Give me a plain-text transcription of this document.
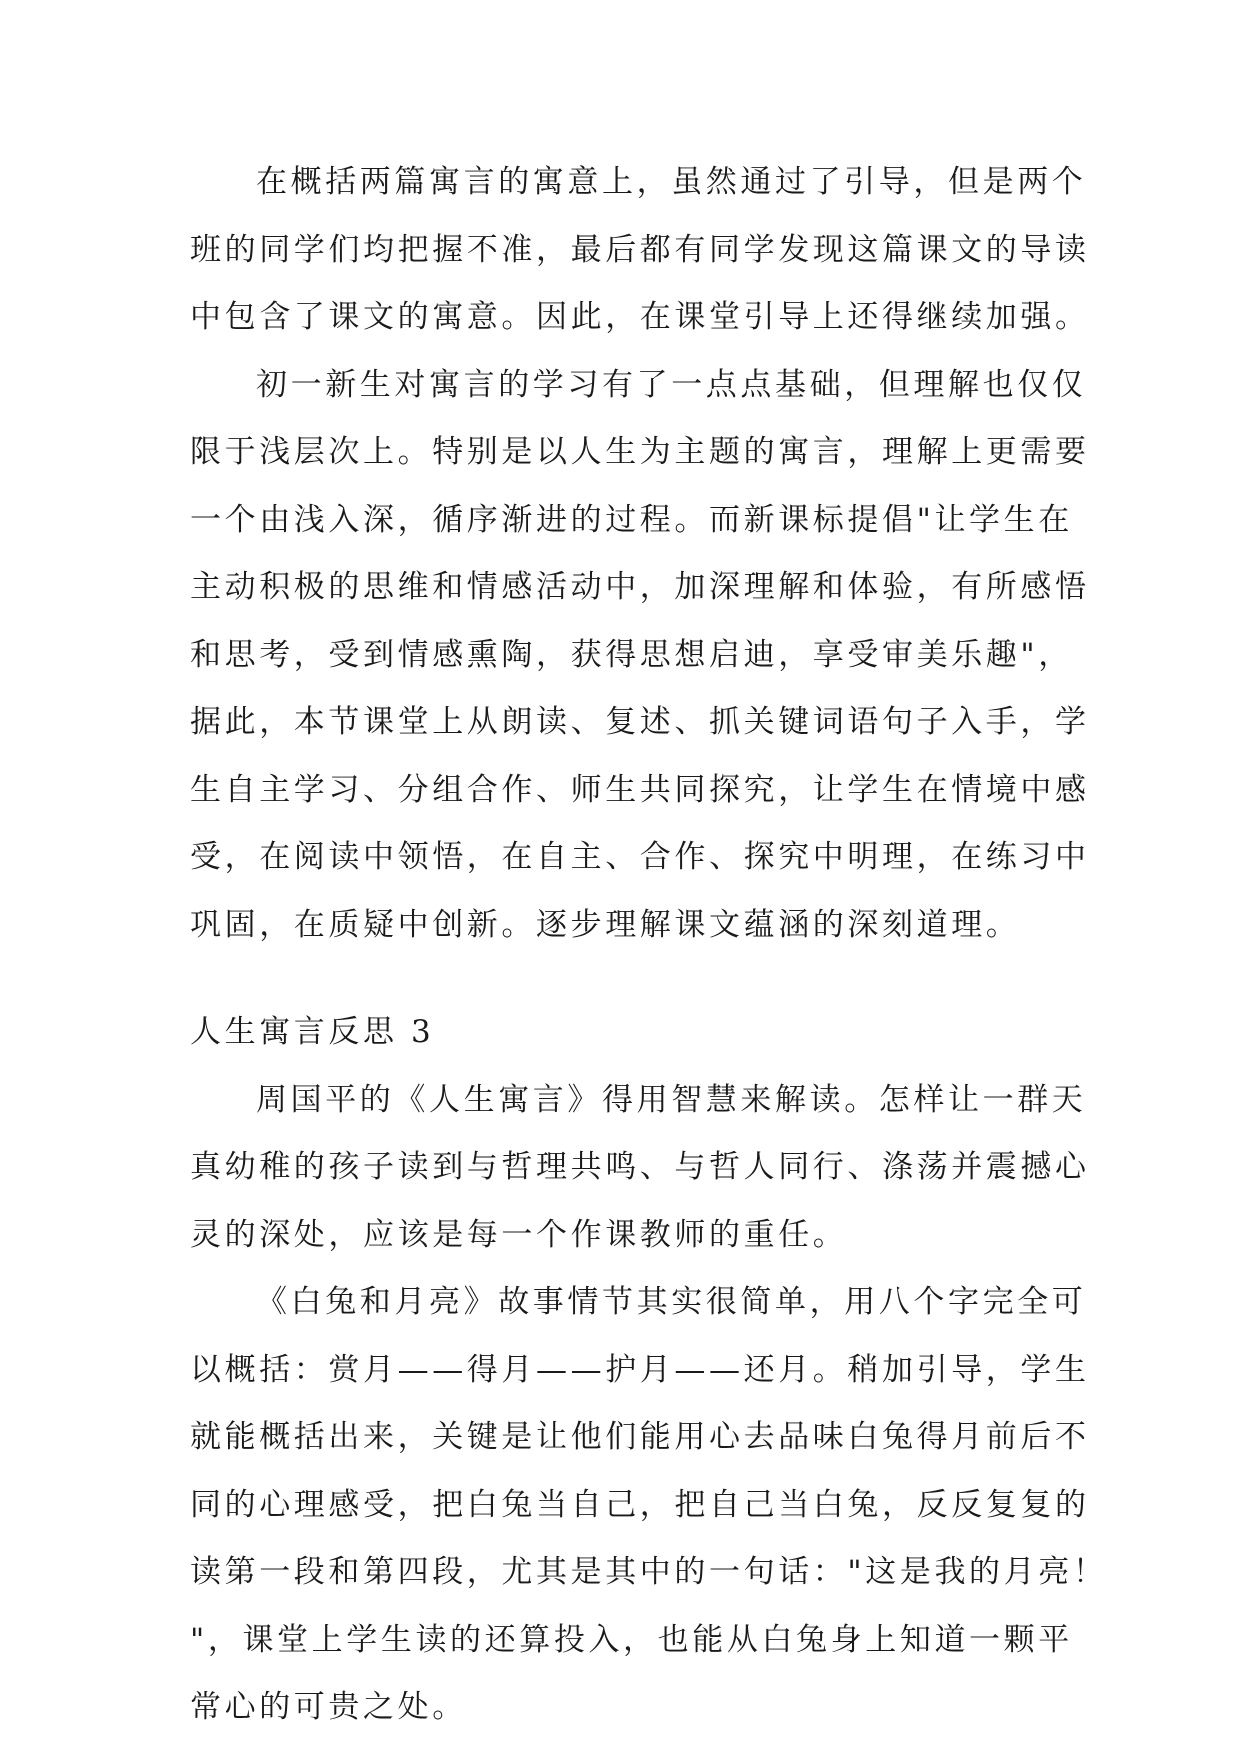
在概括两篇寓言的寓意上，虽然通过了引导，但是两个
班的同学们均把握不准，最后都有同学发现这篇课文的导读
中包含了课文的寓意。因此，在课堂引导上还得继续加强。
初一新生对寓言的学习有了一点点基础，但理解也仅仅
限于浅层次上。特别是以人生为主题的寓言，理解上更需要
一个由浅入深，循序渐进的过程。而新课标提倡"让学生在
主动积极的思维和情感活动中，加深理解和体验，有所感悟
和思考，受到情感熏陶，获得思想启迪，享受审美乐趣"，
据此，本节课堂上从朗读、复述、抓关键词语句子入手，学
生自主学习、分组合作、师生共同探究，让学生在情境中感
受，在阅读中领悟，在自主、合作、探究中明理，在练习中
巩固，在质疑中创新。逐步理解课文蕴涵的深刻道理。
人生寓言反思 3
周国平的《人生寓言》得用智慧来解读。怎样让一群天
真幼稚的孩子读到与哲理共鸣、与哲人同行、涤荡并震撼心
灵的深处，应该是每一个作课教师的重任。
《白兔和月亮》故事情节其实很简单，用八个字完全可
以概括：赏月——得月——护月——还月。稍加引导，学生
就能概括出来，关键是让他们能用心去品味白兔得月前后不
同的心理感受，把白兔当自己，把自己当白兔，反反复复的
读第一段和第四段，尤其是其中的一句话："这是我的月亮！
"，课堂上学生读的还算投入，也能从白兔身上知道一颗平
常心的可贵之处。
